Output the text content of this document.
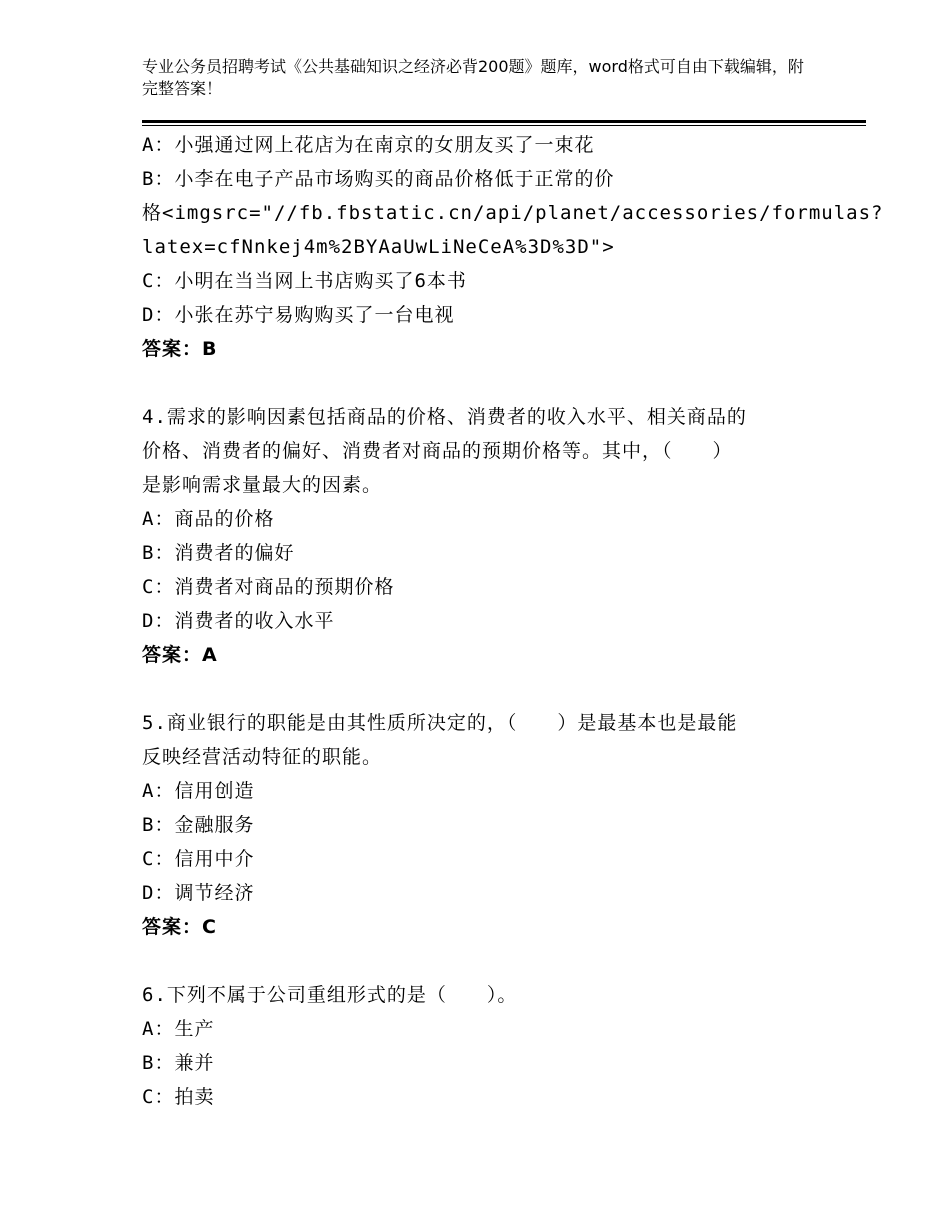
专业公务员招聘考试《公共基础知识之经济必背200题》题库，word格式可自由下载编辑，附完整答案！

A：小强通过网上花店为在南京的女朋友买了一束花

B：小李在电子产品市场购买的商品价格低于正常的价

格<imgsrc="//fb.fbstatic.cn/api/planet/accessories/formulas?

latex=cfNnkej4m%2BYAaUwLiNeCeA%3D%3D">

C：小明在当当网上书店购买了6本书

D：小张在苏宁易购购买了一台电视

答案：B

4.需求的影响因素包括商品的价格、消费者的收入水平、相关商品的

价格、消费者的偏好、消费者对商品的预期价格等。其中，（　　）

是影响需求量最大的因素。

A：商品的价格

B：消费者的偏好

C：消费者对商品的预期价格

D：消费者的收入水平

答案：A

5.商业银行的职能是由其性质所决定的，（　　）是最基本也是最能

反映经营活动特征的职能。

A：信用创造

B：金融服务

C：信用中介

D：调节经济

答案：C

6.下列不属于公司重组形式的是（　　）。

A：生产

B：兼并

C：拍卖
